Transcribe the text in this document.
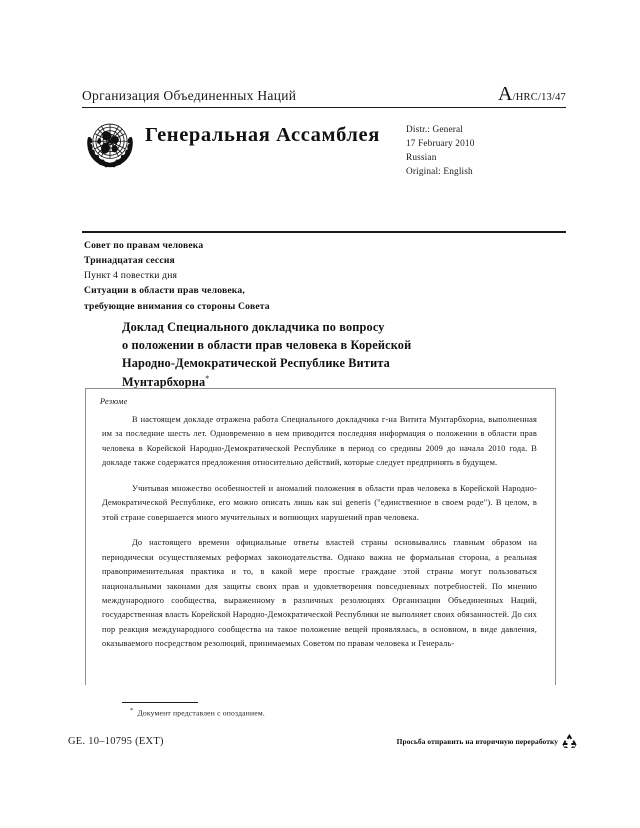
Организация Объединенных Наций	A/HRC/13/47
Генеральная Ассамблея	Distr.: General
17 February 2010
Russian
Original: English
Совет по правам человека
Тринадцатая сессия
Пункт 4 повестки дня
Ситуации в области прав человека,
требующие внимания со стороны Совета
Доклад Специального докладчика по вопросу
о положении в области прав человека в Корейской
Народно-Демократической Республике Витита
Мунтарбхорна*
Резюме

В настоящем докладе отражена работа Специального докладчика г-на Витита Мунтарбхорна, выполненная им за последние шесть лет. Одновременно в нем приводится последняя информация о положении в области прав человека в Корейской Народно-Демократической Республике в период со средины 2009 до начала 2010 года. В докладе также содержатся предложения относительно действий, которые следует предпринять в будущем.

Учитывая множество особенностей и аномалий положения в области прав человека в Корейской Народно-Демократической Республике, его можно описать лишь как sui generis ("единственное в своем роде"). В целом, в этой стране совершается много мучительных и вопиющих нарушений прав человека.

До настоящего времени официальные ответы властей страны основывались главным образом на периодически осуществляемых реформах законодательства. Однако важна не формальная сторона, а реальная правоприменительная практика и то, в какой мере простые граждане этой страны могут пользоваться национальными законами для защиты своих прав и удовлетворения повседневных потребностей. По мнению международного сообщества, выраженному в различных резолюциях Организации Объединенных Наций, государственная власть Корейской Народно-Демократической Республики не выполняет своих обязанностей. До сих пор реакция международного сообщества на такое положение вещей проявлялась, в основном, в виде давления, оказываемого посредством резолюций, принимаемых Советом по правам человека и Генераль-

* Документ представлен с опозданием.
GE. 10–10795 (EXT)	Просьба отправить на вторичную переработку
